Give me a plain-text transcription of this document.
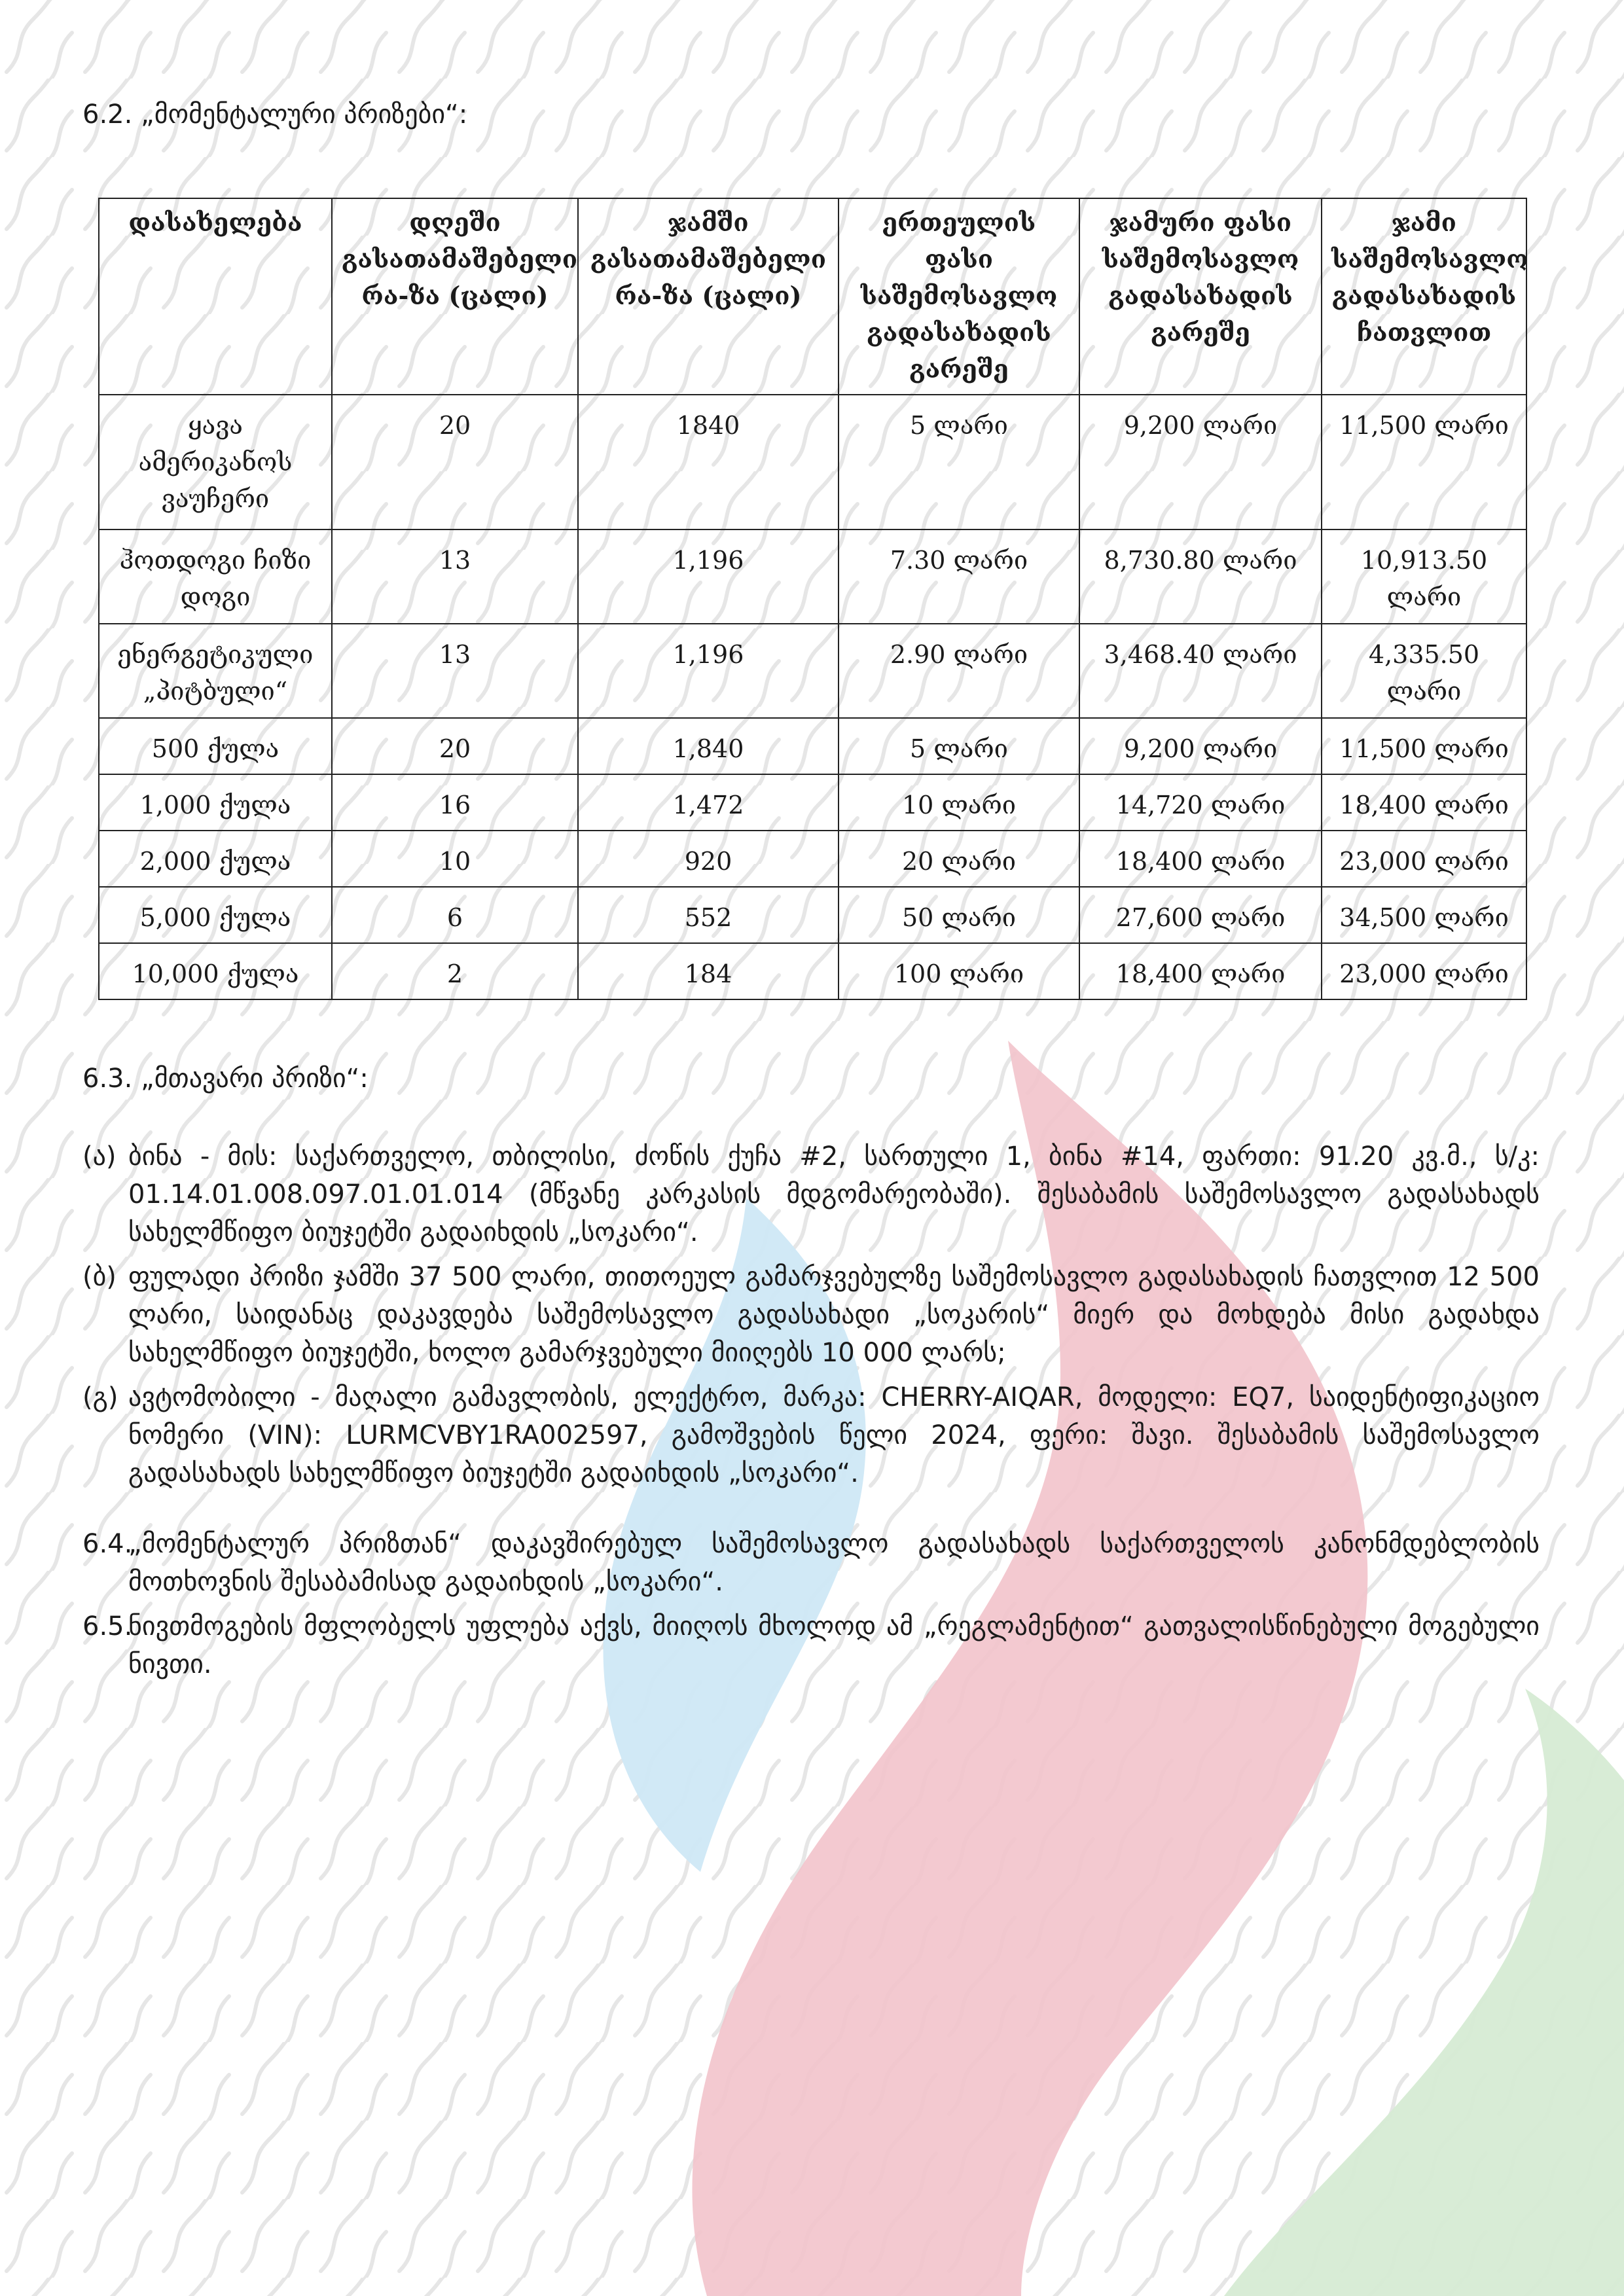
6.2. „მომენტალური პრიზები“:

დასახელება	დღეში გასათამაშებელი რა-ზა (ცალი)	ჯამში გასათამაშებელი რა-ზა (ცალი)	ერთეულის ფასი საშემოსავლო გადასახადის გარეშე	ჯამური ფასი საშემოსავლო გადასახადის გარეშე	ჯამი საშემოსავლო გადასახადის ჩათვლით
ყავა ამერიკანოს ვაუჩერი	20	1840	5 ლარი	9,200 ლარი	11,500 ლარი
ჰოთდოგი ჩიზი დოგი	13	1,196	7.30 ლარი	8,730.80 ლარი	10,913.50 ლარი
ენერგეტიკული „პიტბული“	13	1,196	2.90 ლარი	3,468.40 ლარი	4,335.50 ლარი
500 ქულა	20	1,840	5 ლარი	9,200 ლარი	11,500 ლარი
1,000 ქულა	16	1,472	10 ლარი	14,720 ლარი	18,400 ლარი
2,000 ქულა	10	920	20 ლარი	18,400 ლარი	23,000 ლარი
5,000 ქულა	6	552	50 ლარი	27,600 ლარი	34,500 ლარი
10,000 ქულა	2	184	100 ლარი	18,400 ლარი	23,000 ლარი

6.3. „მთავარი პრიზი“:

(ა) ბინა - მის: საქართველო, თბილისი, ძოწის ქუჩა #2, სართული 1, ბინა #14, ფართი: 91.20 კვ.მ., ს/კ: 01.14.01.008.097.01.01.014 (მწვანე კარკასის მდგომარეობაში). შესაბამის საშემოსავლო გადასახადს სახელმწიფო ბიუჯეტში გადაიხდის „სოკარი“.
(ბ) ფულადი პრიზი ჯამში 37 500 ლარი, თითოეულ გამარჯვებულზე საშემოსავლო გადასახადის ჩათვლით 12 500 ლარი, საიდანაც დაკავდება საშემოსავლო გადასახადი „სოკარის“ მიერ და მოხდება მისი გადახდა სახელმწიფო ბიუჯეტში, ხოლო გამარჯვებული მიიღებს 10 000 ლარს;
(გ) ავტომობილი - მაღალი გამავლობის, ელექტრო, მარკა: CHERRY-AIQAR, მოდელი: EQ7, საიდენტიფიკაციო ნომერი (VIN): LURMCVBY1RA002597, გამოშვების წელი 2024, ფერი: შავი. შესაბამის საშემოსავლო გადასახადს სახელმწიფო ბიუჯეტში გადაიხდის „სოკარი“.
6.4.
„მომენტალურ პრიზთან“ დაკავშირებულ საშემოსავლო გადასახადს საქართველოს კანონმდებლობის მოთხოვნის შესაბამისად გადაიხდის „სოკარი“.
6.5.
ნივთმოგების მფლობელს უფლება აქვს, მიიღოს მხოლოდ ამ „რეგლამენტით“ გათვალისწინებული მოგებული ნივთი.
